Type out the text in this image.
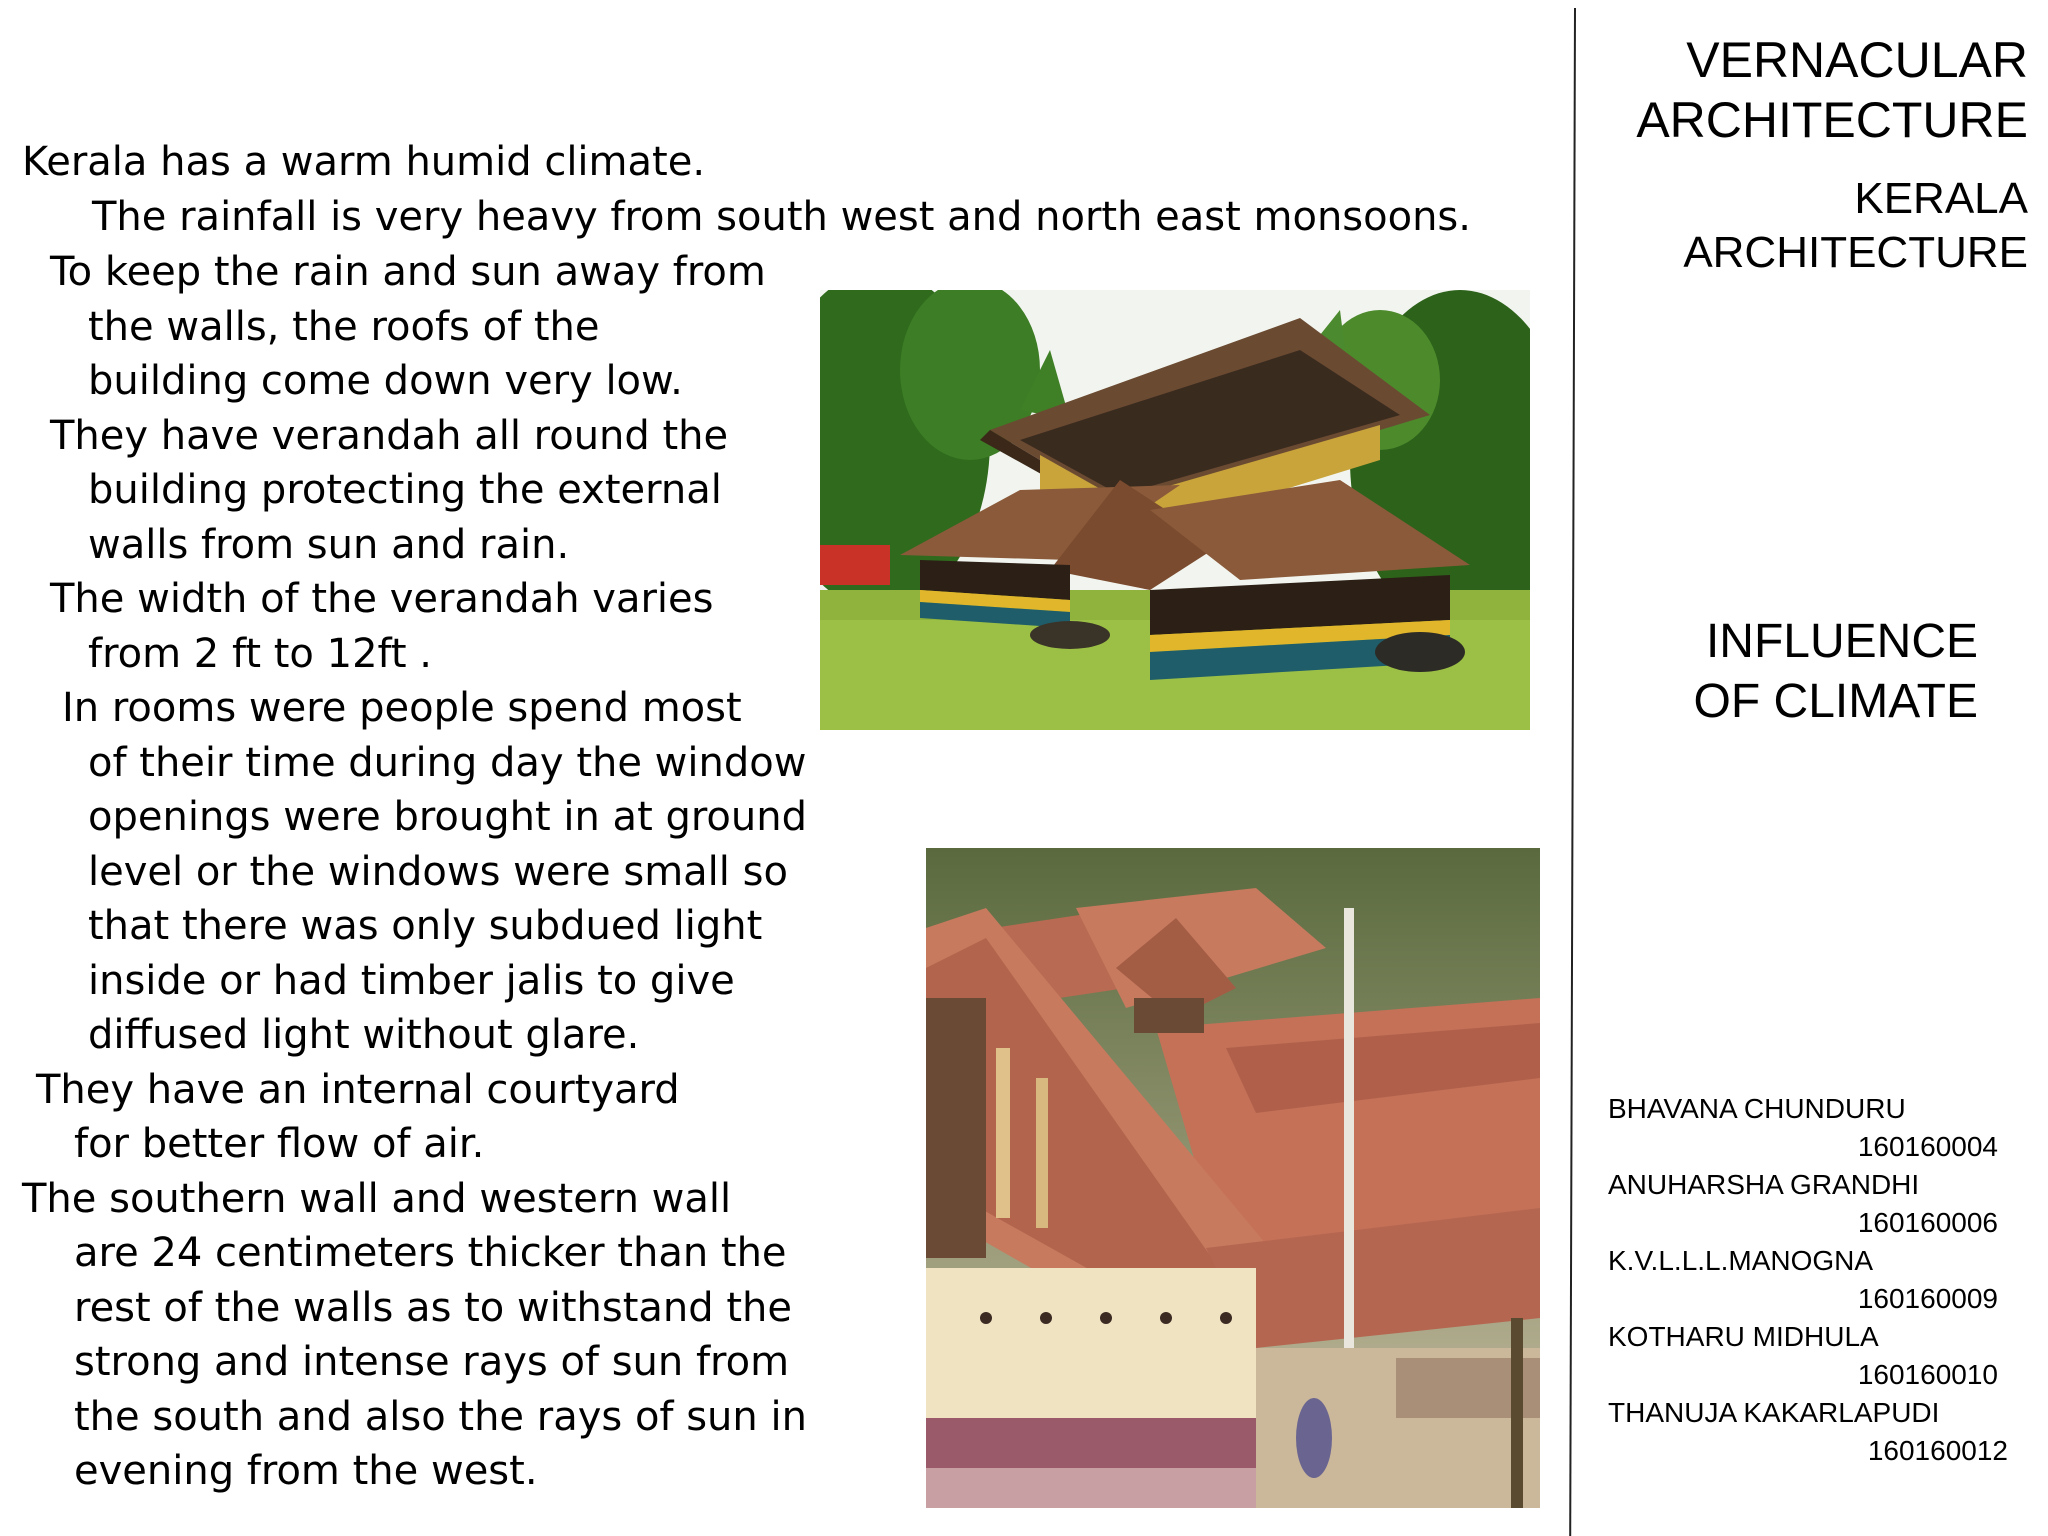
Kerala has a warm humid climate.
The rainfall is very heavy from south west and north east monsoons.
To keep the rain and sun away from
the walls, the roofs of the
building come down very low.
They have verandah all round the
building protecting the external
walls from sun and rain.
The width of the verandah varies
from 2 ft to 12ft .
In rooms were people spend most
of their time during day the window
openings were brought in at ground
level or the windows were small so
that there was only subdued light
inside or had timber jalis to give
diffused light without glare.
They have an internal courtyard
for better flow of air.
The southern wall and western wall
are 24 centimeters thicker than the
rest of the walls as to withstand the
strong and intense rays of sun from
the south and also the rays of sun in
evening from the west.
VERNACULAR
ARCHITECTURE
KERALA
ARCHITECTURE
INFLUENCE
OF CLIMATE
BHAVANA CHUNDURU
160160004
ANUHARSHA GRANDHI
160160006
K.V.L.L.L.MANOGNA
160160009
KOTHARU MIDHULA
160160010
THANUJA KAKARLAPUDI
160160012
